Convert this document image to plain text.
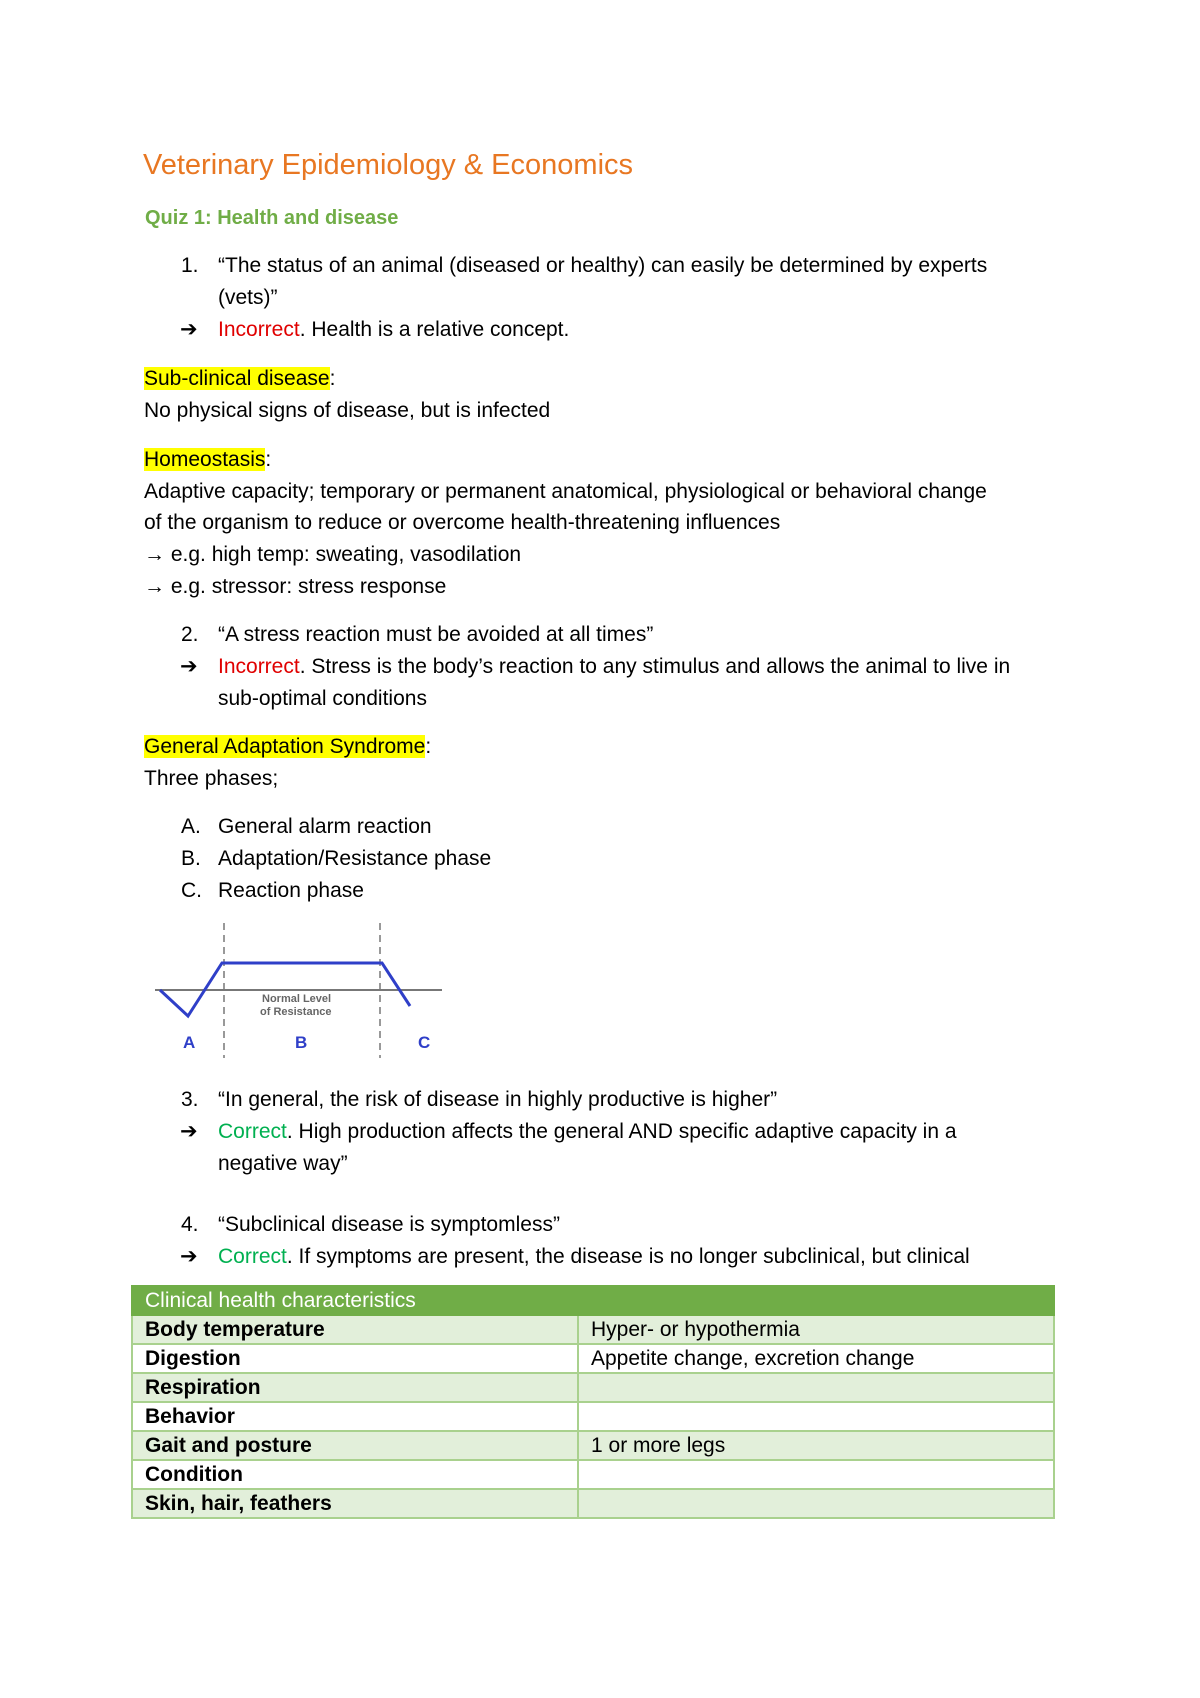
Veterinary Epidemiology & Economics
Quiz 1: Health and disease
1. “The status of an animal (diseased or healthy) can easily be determined by experts
(vets)”
➔ Incorrect. Health is a relative concept.
Sub-clinical disease:
No physical signs of disease, but is infected
Homeostasis:
Adaptive capacity; temporary or permanent anatomical, physiological or behavioral change
of the organism to reduce or overcome health-threatening influences
→ e.g. high temp: sweating, vasodilation
→ e.g. stressor: stress response
2. “A stress reaction must be avoided at all times”
➔ Incorrect. Stress is the body’s reaction to any stimulus and allows the animal to live in
sub-optimal conditions
General Adaptation Syndrome:
Three phases;
A. General alarm reaction
B. Adaptation/Resistance phase
C. Reaction phase
Normal Level
of Resistance
A	B	C
3. “In general, the risk of disease in highly productive is higher”
➔ Correct. High production affects the general AND specific adaptive capacity in a
negative way”
4. “Subclinical disease is symptomless”
➔ Correct. If symptoms are present, the disease is no longer subclinical, but clinical
Clinical health characteristics	
Body temperature	Hyper- or hypothermia
Digestion	Appetite change, excretion change
Respiration	
Behavior	
Gait and posture	1 or more legs
Condition	
Skin, hair, feathers	
